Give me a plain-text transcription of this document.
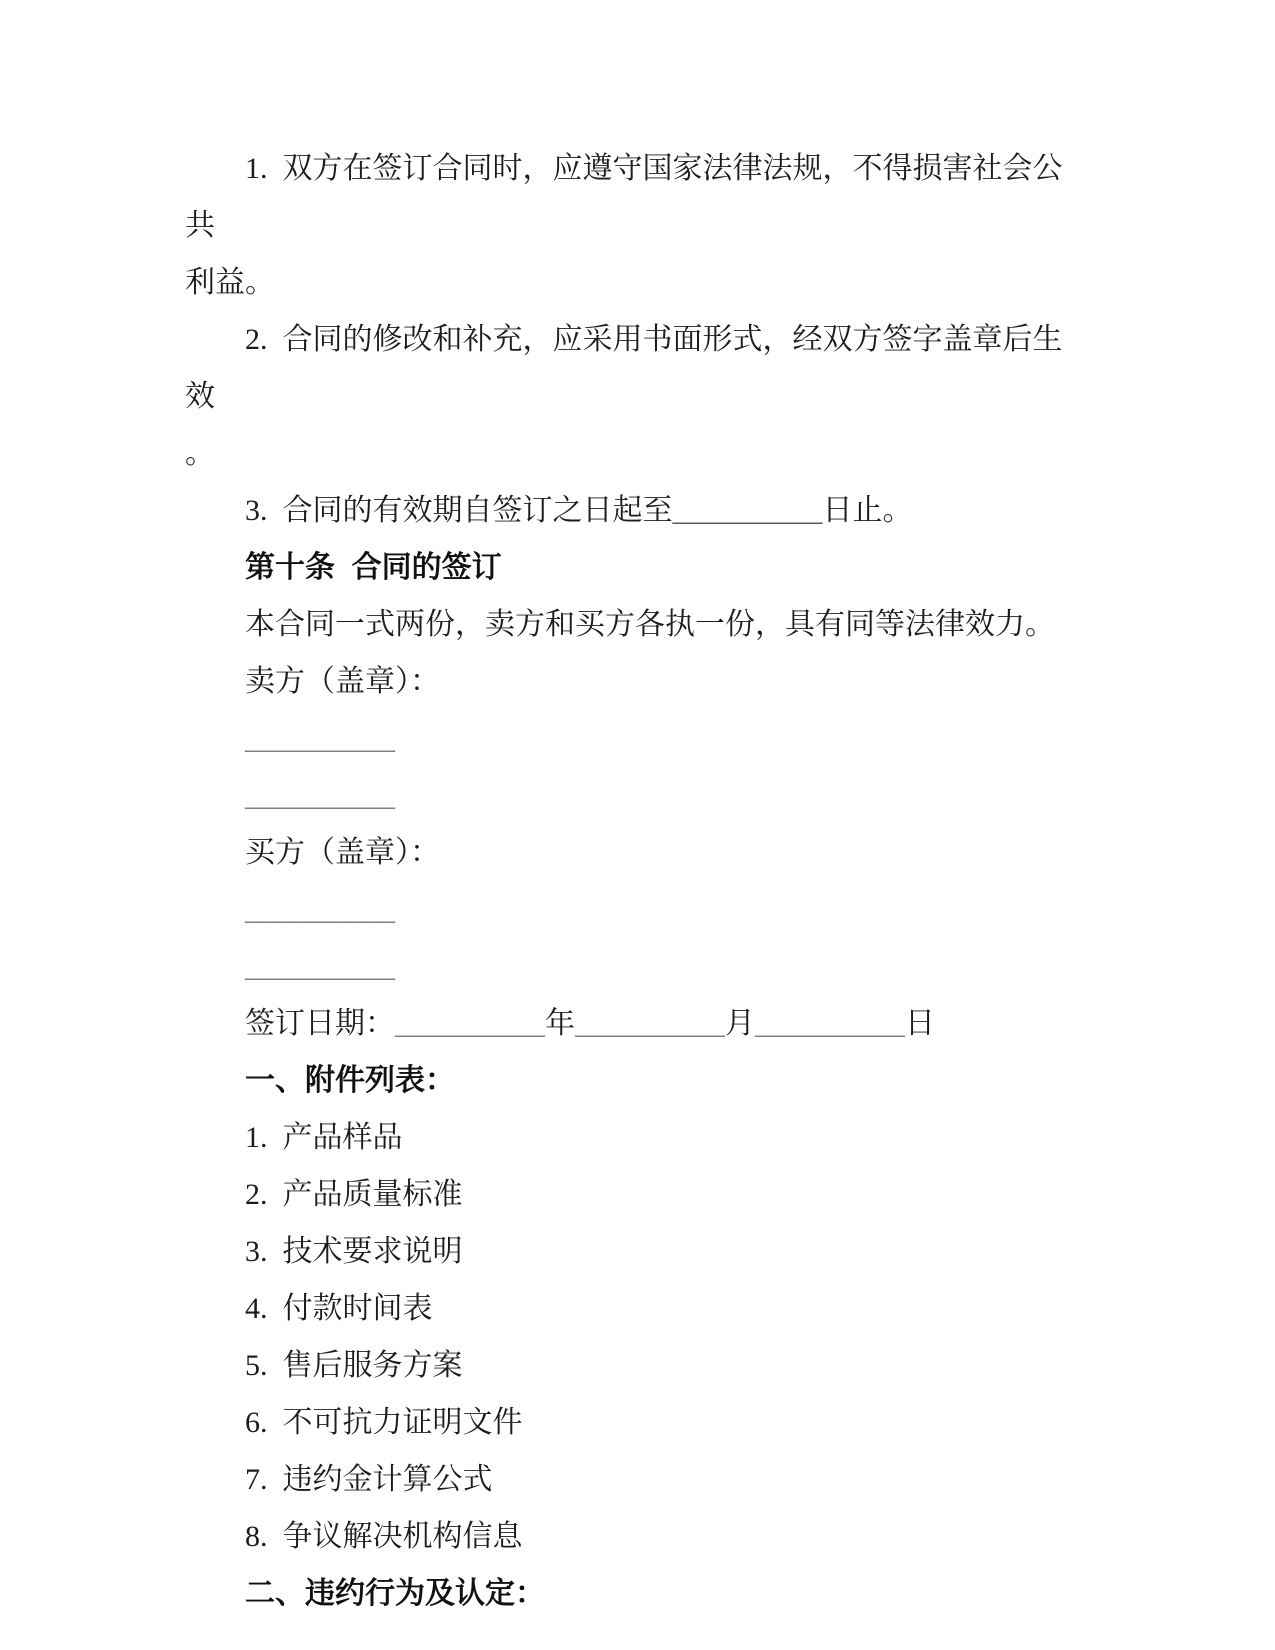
1.  双方在签订合同时，应遵守国家法律法规，不得损害社会公共

利益。

2.  合同的修改和补充，应采用书面形式，经双方签字盖章后生效

。

3.  合同的有效期自签订之日起至__________日止。

第十条  合同的签订

本合同一式两份，卖方和买方各执一份，具有同等法律效力。

卖方（盖章）：

__________

__________

买方（盖章）：

__________

__________

签订日期：__________年__________月__________日

一、附件列表：

1.  产品样品

2.  产品质量标准

3.  技术要求说明

4.  付款时间表

5.  售后服务方案

6.  不可抗力证明文件

7.  违约金计算公式

8.  争议解决机构信息

二、违约行为及认定：
